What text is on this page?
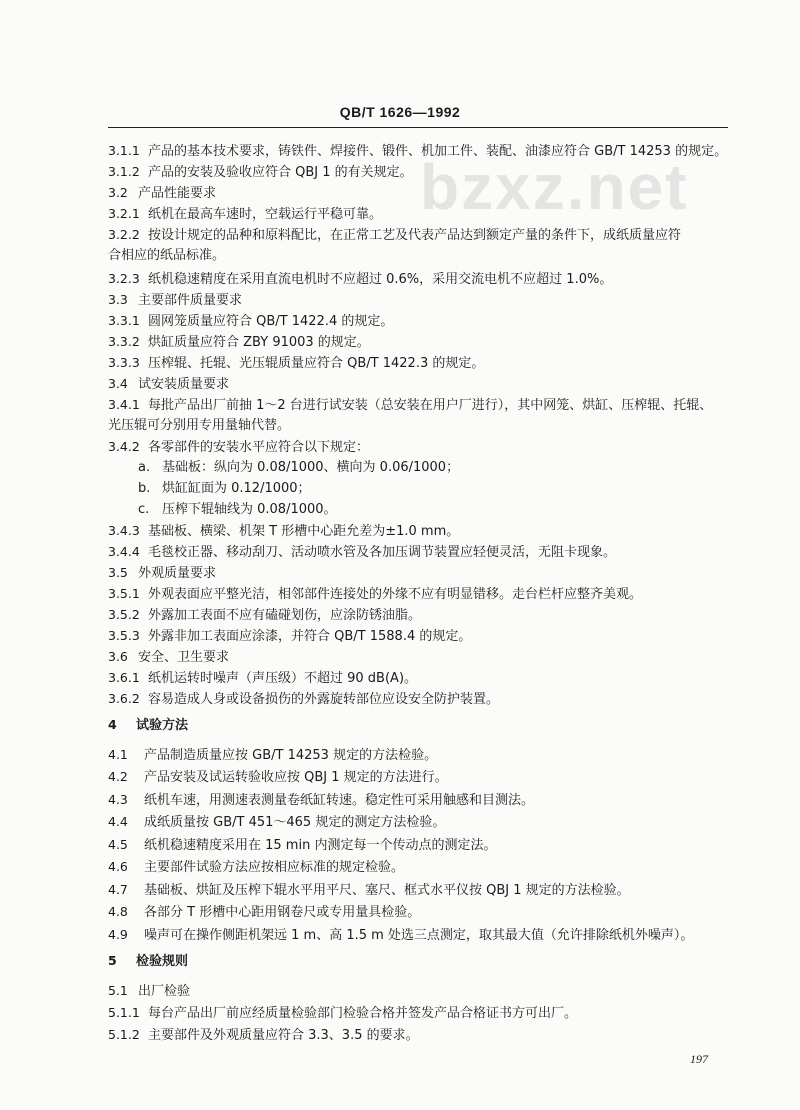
QB/T 1626—1992
bzxz.net
3.1.1 产品的基本技术要求，铸铁件、焊接件、锻件、机加工件、装配、油漆应符合 GB/T 14253 的规定。
3.1.2 产品的安装及验收应符合 QBJ 1 的有关规定。
3.2 产品性能要求
3.2.1 纸机在最高车速时，空载运行平稳可靠。
3.2.2 按设计规定的品种和原料配比，在正常工艺及代表产品达到额定产量的条件下，成纸质量应符
合相应的纸品标准。
3.2.3 纸机稳速精度在采用直流电机时不应超过 0.6%，采用交流电机不应超过 1.0%。
3.3 主要部件质量要求
3.3.1 圆网笼质量应符合 QB/T 1422.4 的规定。
3.3.2 烘缸质量应符合 ZBY 91003 的规定。
3.3.3 压榨辊、托辊、光压辊质量应符合 QB/T 1422.3 的规定。
3.4 试安装质量要求
3.4.1 每批产品出厂前抽 1～2 台进行试安装（总安装在用户厂进行），其中网笼、烘缸、压榨辊、托辊、
光压辊可分别用专用量轴代替。
3.4.2 各零部件的安装水平应符合以下规定：
a. 基础板：纵向为 0.08/1000、横向为 0.06/1000；
b. 烘缸缸面为 0.12/1000；
c. 压榨下辊轴线为 0.08/1000。
3.4.3 基础板、横梁、机架 T 形槽中心距允差为±1.0 mm。
3.4.4 毛毯校正器、移动刮刀、活动喷水管及各加压调节装置应轻便灵活，无阻卡现象。
3.5 外观质量要求
3.5.1 外观表面应平整光洁，相邻部件连接处的外缘不应有明显错移。走台栏杆应整齐美观。
3.5.2 外露加工表面不应有磕碰划伤，应涂防锈油脂。
3.5.3 外露非加工表面应涂漆，并符合 QB/T 1588.4 的规定。
3.6 安全、卫生要求
3.6.1 纸机运转时噪声（声压级）不超过 90 dB(A)。
3.6.2 容易造成人身或设备损伤的外露旋转部位应设安全防护装置。
4 试验方法
4.1 产品制造质量应按 GB/T 14253 规定的方法检验。
4.2 产品安装及试运转验收应按 QBJ 1 规定的方法进行。
4.3 纸机车速，用测速表测量卷纸缸转速。稳定性可采用触感和目测法。
4.4 成纸质量按 GB/T 451～465 规定的测定方法检验。
4.5 纸机稳速精度采用在 15 min 内测定每一个传动点的测定法。
4.6 主要部件试验方法应按相应标准的规定检验。
4.7 基础板、烘缸及压榨下辊水平用平尺、塞尺、框式水平仪按 QBJ 1 规定的方法检验。
4.8 各部分 T 形槽中心距用钢卷尺或专用量具检验。
4.9 噪声可在操作侧距机架远 1 m、高 1.5 m 处选三点测定，取其最大值（允许排除纸机外噪声）。
5 检验规则
5.1 出厂检验
5.1.1 每台产品出厂前应经质量检验部门检验合格并签发产品合格证书方可出厂。
5.1.2 主要部件及外观质量应符合 3.3、3.5 的要求。
197
